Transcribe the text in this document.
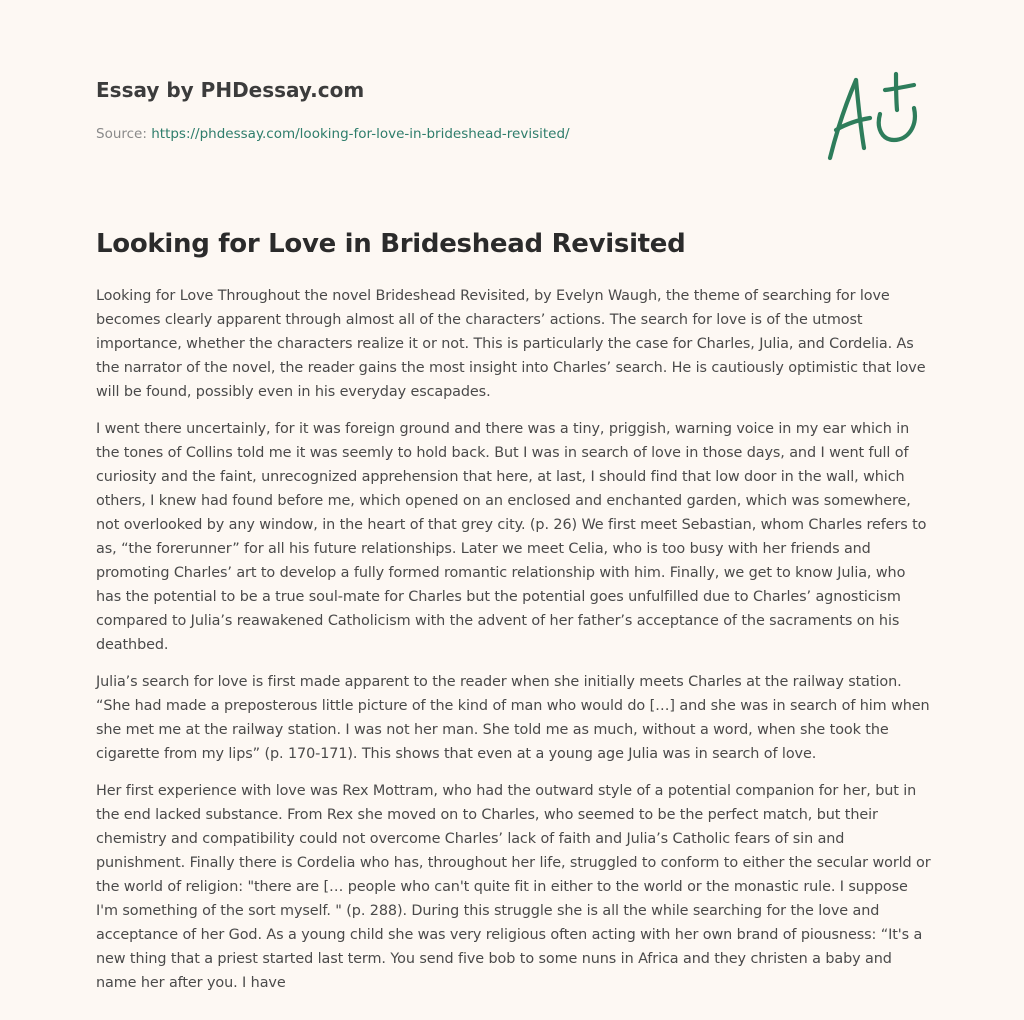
Essay by PHDessay.com
Source: https://phdessay.com/looking-for-love-in-brideshead-revisited/
Looking for Love in Brideshead Revisited

Looking for Love Throughout the novel Brideshead Revisited, by Evelyn Waugh, the theme of searching for love becomes clearly apparent through almost all of the characters’ actions. The search for love is of the utmost importance, whether the characters realize it or not. This is particularly the case for Charles, Julia, and Cordelia. As the narrator of the novel, the reader gains the most insight into Charles’ search. He is cautiously optimistic that love will be found, possibly even in his everyday escapades.

I went there uncertainly, for it was foreign ground and there was a tiny, priggish, warning voice in my ear which in the tones of Collins told me it was seemly to hold back. But I was in search of love in those days, and I went full of curiosity and the faint, unrecognized apprehension that here, at last, I should find that low door in the wall, which others, I knew had found before me, which opened on an enclosed and enchanted garden, which was somewhere, not overlooked by any window, in the heart of that grey city. (p. 26) We first meet Sebastian, whom Charles refers to as, “the forerunner” for all his future relationships. Later we meet Celia, who is too busy with her friends and promoting Charles’ art to develop a fully formed romantic relationship with him. Finally, we get to know Julia, who has the potential to be a true soul-mate for Charles but the potential goes unfulfilled due to Charles’ agnosticism compared to Julia’s reawakened Catholicism with the advent of her father’s acceptance of the sacraments on his deathbed.

Julia’s search for love is first made apparent to the reader when she initially meets Charles at the railway station. “She had made a preposterous little picture of the kind of man who would do […] and she was in search of him when she met me at the railway station. I was not her man. She told me as much, without a word, when she took the cigarette from my lips” (p. 170-171). This shows that even at a young age Julia was in search of love.

Her first experience with love was Rex Mottram, who had the outward style of a potential companion for her, but in the end lacked substance. From Rex she moved on to Charles, who seemed to be the perfect match, but their chemistry and compatibility could not overcome Charles’ lack of faith and Julia’s Catholic fears of sin and punishment. Finally there is Cordelia who has, throughout her life, struggled to conform to either the secular world or the world of religion: "there are [… people who can't quite fit in either to the world or the monastic rule. I suppose I'm something of the sort myself. " (p. 288). During this struggle she is all the while searching for the love and acceptance of her God. As a young child she was very religious often acting with her own brand of piousness: “It's a new thing that a priest started last term. You send five bob to some nuns in Africa and they christen a baby and name her after you. I have
